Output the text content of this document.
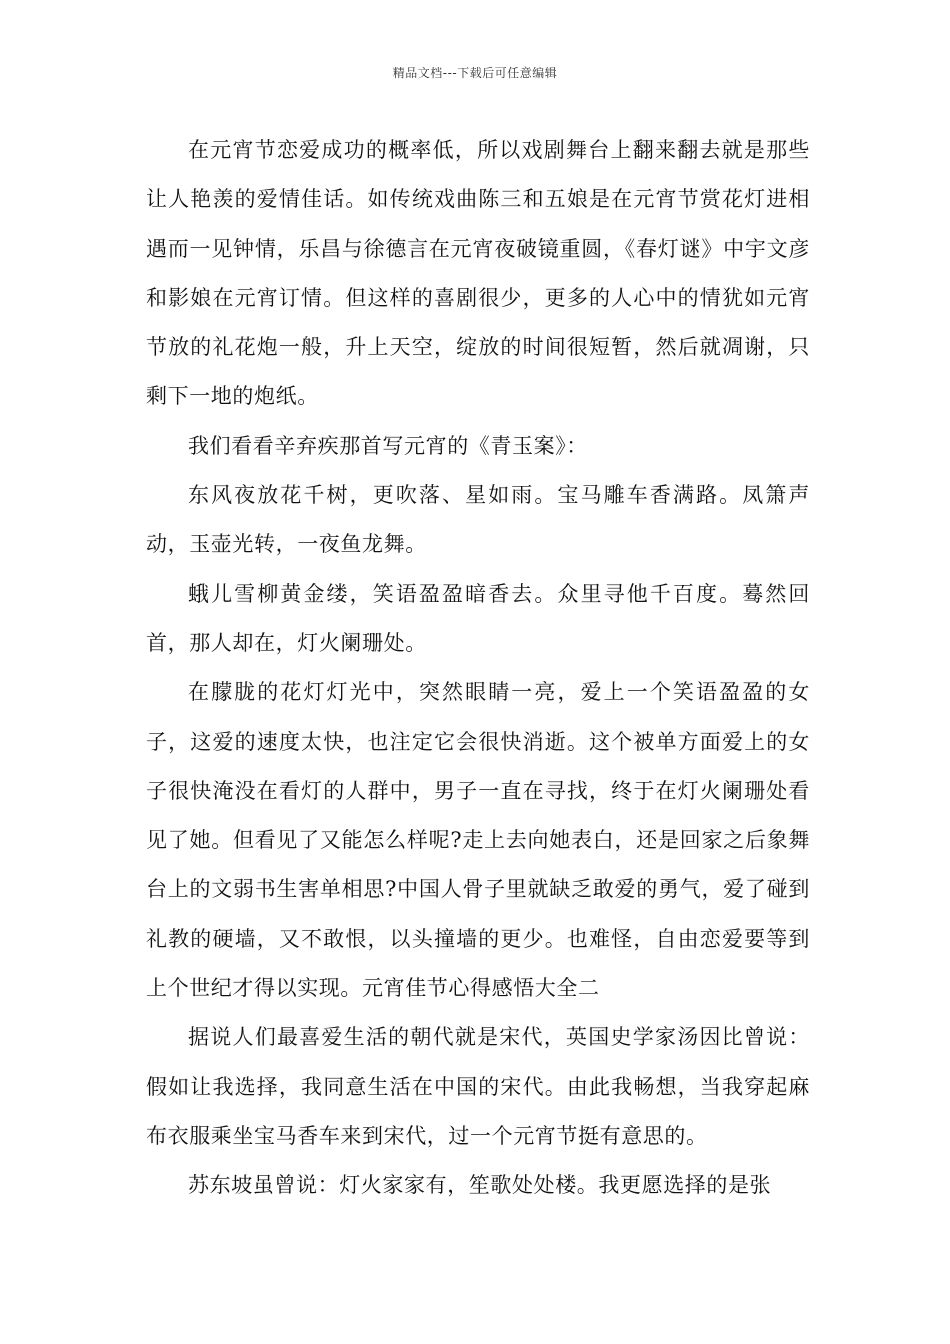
精品文档---下载后可任意编辑

在元宵节恋爱成功的概率低，所以戏剧舞台上翻来翻去就是那些让人艳羡的爱情佳话。如传统戏曲陈三和五娘是在元宵节赏花灯进相遇而一见钟情，乐昌与徐德言在元宵夜破镜重圆，《春灯谜》中宇文彦和影娘在元宵订情。但这样的喜剧很少，更多的人心中的情犹如元宵节放的礼花炮一般，升上天空，绽放的时间很短暂，然后就凋谢，只剩下一地的炮纸。

我们看看辛弃疾那首写元宵的《青玉案》：

东风夜放花千树，更吹落、星如雨。宝马雕车香满路。凤箫声动，玉壶光转，一夜鱼龙舞。

蛾儿雪柳黄金缕，笑语盈盈暗香去。众里寻他千百度。蓦然回首，那人却在，灯火阑珊处。

在朦胧的花灯灯光中，突然眼睛一亮，爱上一个笑语盈盈的女子，这爱的速度太快，也注定它会很快消逝。这个被单方面爱上的女子很快淹没在看灯的人群中，男子一直在寻找，终于在灯火阑珊处看见了她。但看见了又能怎么样呢?走上去向她表白，还是回家之后象舞台上的文弱书生害单相思?中国人骨子里就缺乏敢爱的勇气，爱了碰到礼教的硬墙，又不敢恨，以头撞墙的更少。也难怪，自由恋爱要等到上个世纪才得以实现。元宵佳节心得感悟大全二

据说人们最喜爱生活的朝代就是宋代，英国史学家汤因比曾说：假如让我选择，我同意生活在中国的宋代。由此我畅想，当我穿起麻布衣服乘坐宝马香车来到宋代，过一个元宵节挺有意思的。

苏东坡虽曾说：灯火家家有，笙歌处处楼。我更愿选择的是张
